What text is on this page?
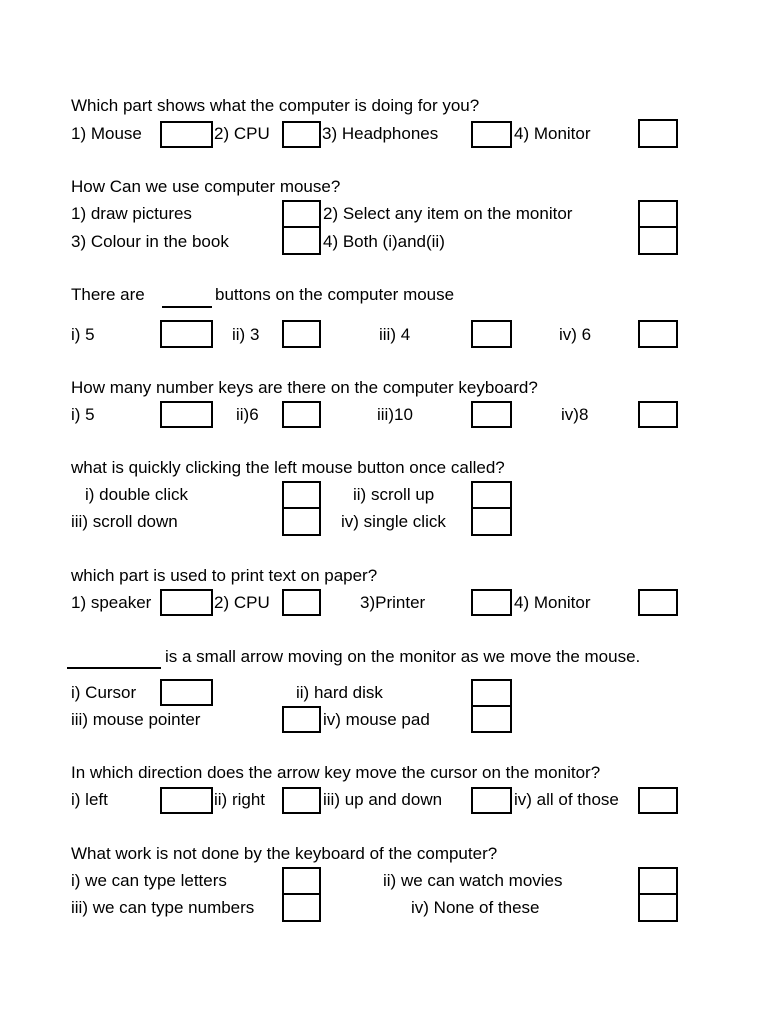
Which part shows what the computer is doing for you?
1) Mouse	2) CPU	3) Headphones	4) Monitor
How Can we use computer mouse?
1) draw pictures	2) Select any item on the monitor
3) Colour in the book	4) Both (i)and(ii)
There are	buttons on the computer mouse
i) 5	ii) 3	iii) 4	iv) 6
How many number keys are there on the computer keyboard?
i) 5	ii)6	iii)10	iv)8
what is quickly clicking the left mouse button once called?
i) double click	ii) scroll up
iii) scroll down	iv) single click
which part is used to print text on paper?
1) speaker	2) CPU	3)Printer	4) Monitor
is a small arrow moving on the monitor as we move the mouse.
i) Cursor	ii) hard disk
iii) mouse pointer	iv) mouse pad
In which direction does the arrow key move the cursor on the monitor?
i) left	ii) right	iii) up and down	iv) all of those
What work is not done by the keyboard of the computer?
i) we can type letters	ii) we can watch movies
iii) we can type numbers	iv) None of these
